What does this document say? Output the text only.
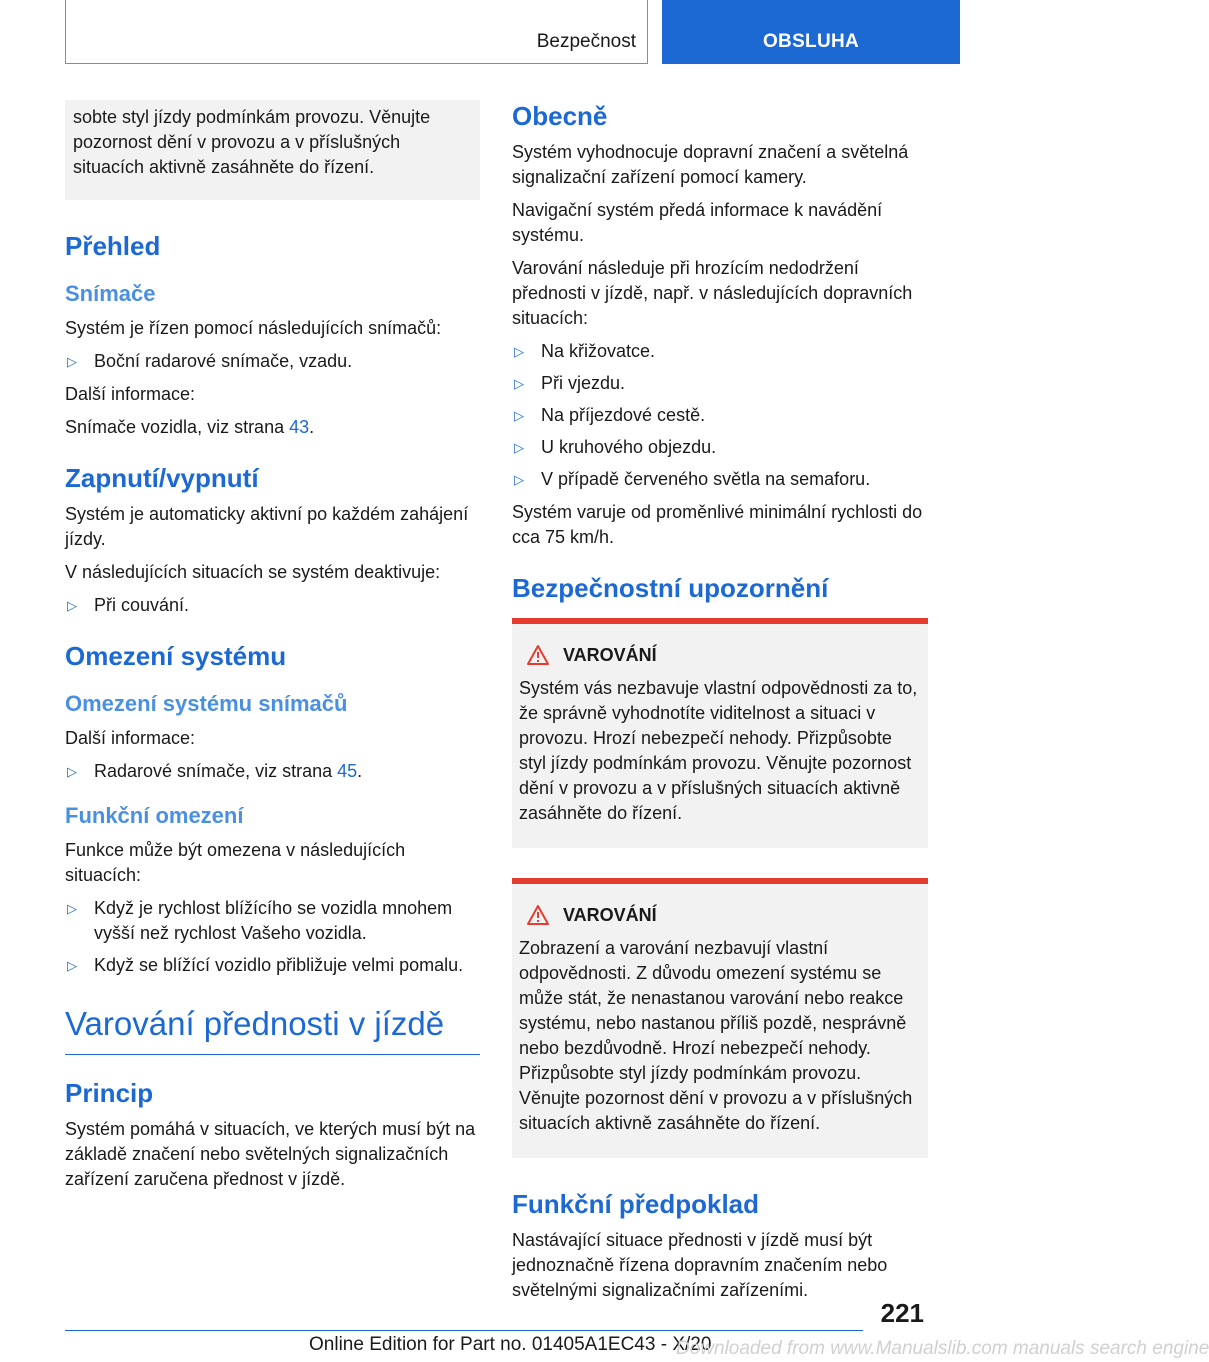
Bezpečnost	OBSLUHA

sobte styl jízdy podmínkám provozu. Věnujte pozornost dění v provozu a v příslušných situacích aktivně zasáhněte do řízení.

Přehled
Snímače

Systém je řízen pomocí následujících snímačů:

▷ Boční radarové snímače, vzadu.

Další informace:

Snímače vozidla, viz strana 43.

Zapnutí/vypnutí

Systém je automaticky aktivní po každém zahájení jízdy.

V následujících situacích se systém deaktivuje:

▷ Při couvání.
Omezení systému
Omezení systému snímačů

Další informace:

▷ Radarové snímače, viz strana 45.
Funkční omezení

Funkce může být omezena v následujících situacích:

▷ Když je rychlost blížícího se vozidla mnohem vyšší než rychlost Vašeho vozidla.
▷ Když se blížící vozidlo přibližuje velmi pomalu.
Varování přednosti v jízdě
Princip

Systém pomáhá v situacích, ve kterých musí být na základě značení nebo světelných signalizačních zařízení zaručena přednost v jízdě.

Obecně

Systém vyhodnocuje dopravní značení a světelná signalizační zařízení pomocí kamery.

Navigační systém předá informace k navádění systému.

Varování následuje při hrozícím nedodržení přednosti v jízdě, např. v následujících dopravních situacích:

▷ Na křižovatce.
▷ Při vjezdu.
▷ Na příjezdové cestě.
▷ U kruhového objezdu.
▷ V případě červeného světla na semaforu.

Systém varuje od proměnlivé minimální rychlosti do cca 75 km/h.

Bezpečnostní upozornění
VAROVÁNÍ

Systém vás nezbavuje vlastní odpovědnosti za to, že správně vyhodnotíte viditelnost a situaci v provozu. Hrozí nebezpečí nehody. Přizpůsobte styl jízdy podmínkám provozu. Věnujte pozornost dění v provozu a v příslušných situacích aktivně zasáhněte do řízení.

VAROVÁNÍ

Zobrazení a varování nezbavují vlastní odpovědnosti. Z důvodu omezení systému se může stát, že nenastanou varování nebo reakce systému, nebo nastanou příliš pozdě, nesprávně nebo bezdůvodně. Hrozí nebezpečí nehody. Přizpůsobte styl jízdy podmínkám provozu. Věnujte pozornost dění v provozu a v příslušných situacích aktivně zasáhněte do řízení.

Funkční předpoklad

Nastávající situace přednosti v jízdě musí být jednoznačně řízena dopravním značením nebo světelnými signalizačními zařízeními.

221
Online Edition for Part no. 01405A1EC43 - X/20
Downloaded from www.Manualslib.com manuals search engine
